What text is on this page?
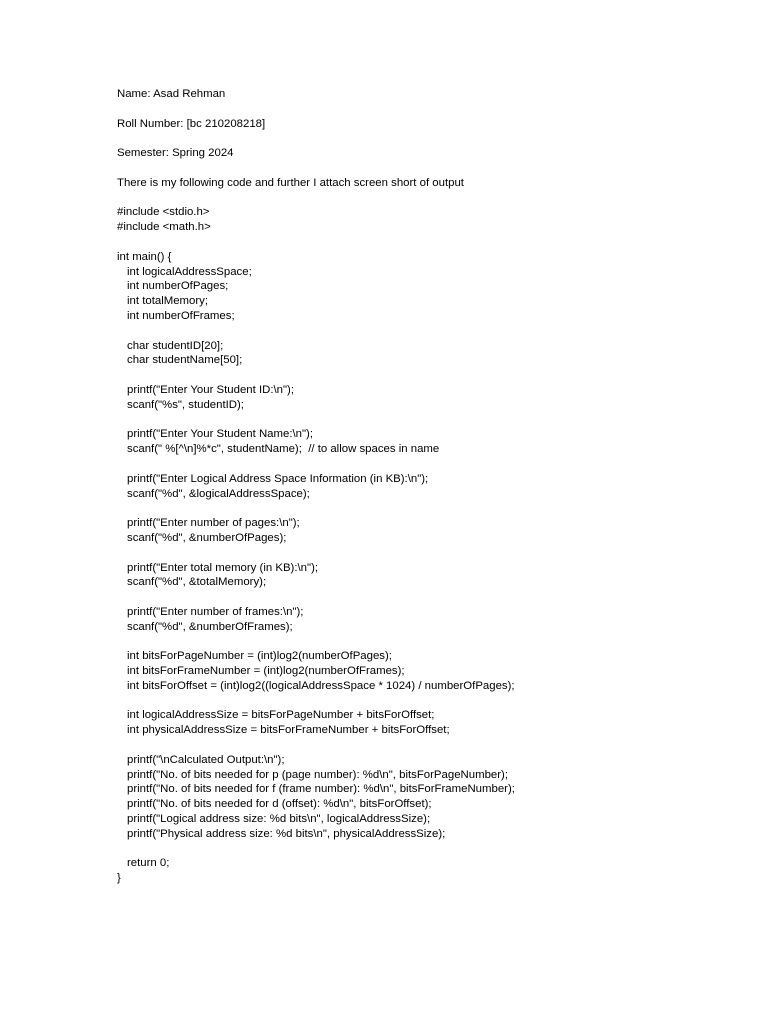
Name: Asad Rehman
Roll Number: [bc 210208218]
Semester: Spring 2024
There is my following code and further I attach screen short of output
#include <stdio.h>
#include <math.h>
int main() {
int logicalAddressSpace;
int numberOfPages;
int totalMemory;
int numberOfFrames;
char studentID[20];
char studentName[50];
printf("Enter Your Student ID:\n");
scanf("%s", studentID);
printf("Enter Your Student Name:\n");
scanf(" %[^\n]%*c", studentName);  // to allow spaces in name
printf("Enter Logical Address Space Information (in KB):\n");
scanf("%d", &logicalAddressSpace);
printf("Enter number of pages:\n");
scanf("%d", &numberOfPages);
printf("Enter total memory (in KB):\n");
scanf("%d", &totalMemory);
printf("Enter number of frames:\n");
scanf("%d", &numberOfFrames);
int bitsForPageNumber = (int)log2(numberOfPages);
int bitsForFrameNumber = (int)log2(numberOfFrames);
int bitsForOffset = (int)log2((logicalAddressSpace * 1024) / numberOfPages);
int logicalAddressSize = bitsForPageNumber + bitsForOffset;
int physicalAddressSize = bitsForFrameNumber + bitsForOffset;
printf("\nCalculated Output:\n");
printf("No. of bits needed for p (page number): %d\n", bitsForPageNumber);
printf("No. of bits needed for f (frame number): %d\n", bitsForFrameNumber);
printf("No. of bits needed for d (offset): %d\n", bitsForOffset);
printf("Logical address size: %d bits\n", logicalAddressSize);
printf("Physical address size: %d bits\n", physicalAddressSize);
return 0;
}
